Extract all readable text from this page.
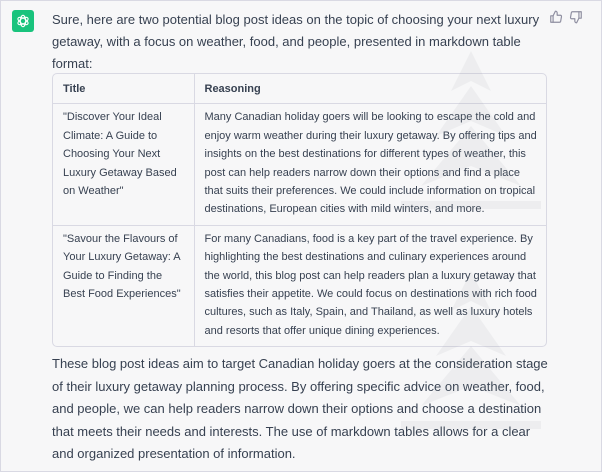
Sure, here are two potential blog post ideas on the topic of choosing your next luxury getaway, with a focus on weather, food, and people, presented in markdown table format:

Title	Reasoning
"Discover Your Ideal Climate: A Guide to Choosing Your Next Luxury Getaway Based on Weather"	Many Canadian holiday goers will be looking to escape the cold and enjoy warm weather during their luxury getaway. By offering tips and insights on the best destinations for different types of weather, this post can help readers narrow down their options and find a place that suits their preferences. We could include information on tropical destinations, European cities with mild winters, and more.
"Savour the Flavours of Your Luxury Getaway: A Guide to Finding the Best Food Experiences"	For many Canadians, food is a key part of the travel experience. By highlighting the best destinations and culinary experiences around the world, this blog post can help readers plan a luxury getaway that satisfies their appetite. We could focus on destinations with rich food cultures, such as Italy, Spain, and Thailand, as well as luxury hotels and resorts that offer unique dining experiences.

These blog post ideas aim to target Canadian holiday goers at the consideration stage of their luxury getaway planning process. By offering specific advice on weather, food, and people, we can help readers narrow down their options and choose a destination that meets their needs and interests. The use of markdown tables allows for a clear and organized presentation of information.
